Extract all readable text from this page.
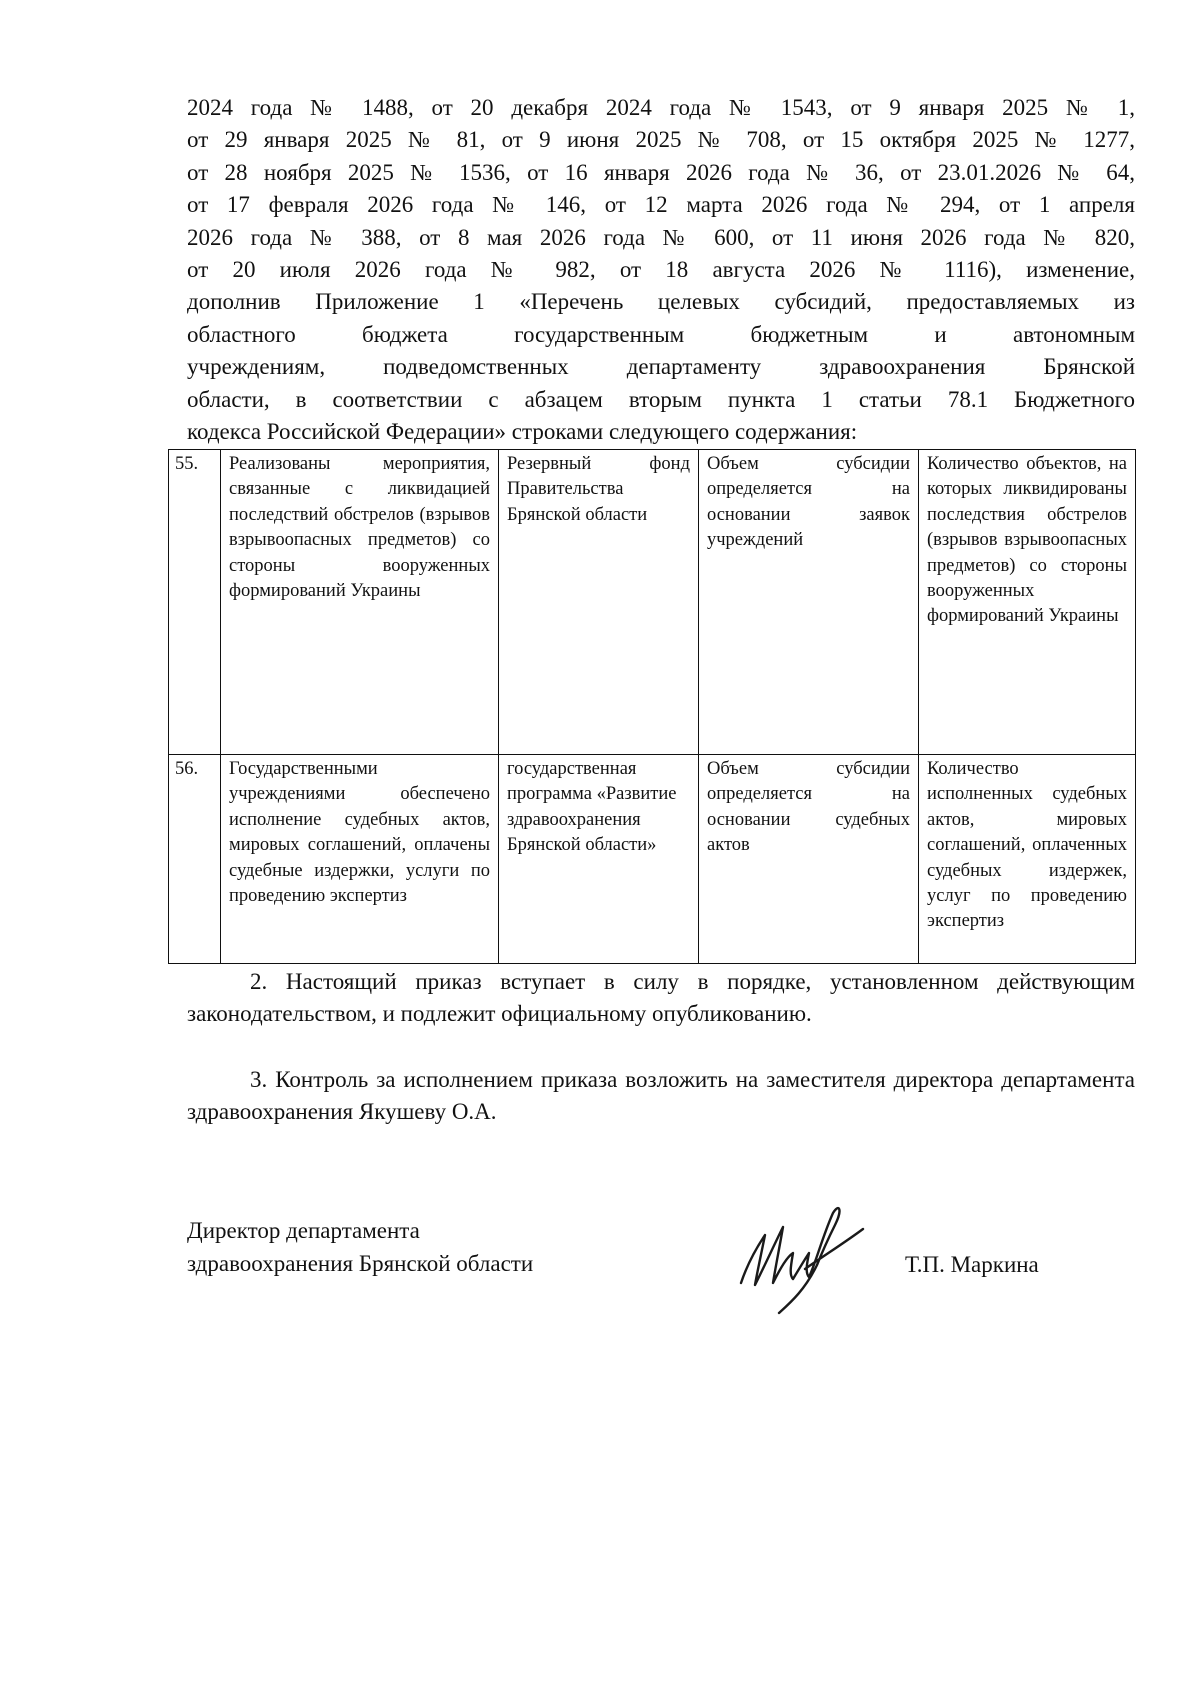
2024 года № 1488, от 20 декабря 2024 года № 1543, от 9 января 2025 № 1,
от 29 января 2025 № 81, от 9 июня 2025 № 708, от 15 октября 2025 № 1277,
от 28 ноября 2025 № 1536, от 16 января 2026 года № 36, от 23.01.2026 № 64,
от 17 февраля 2026 года № 146, от 12 марта 2026 года № 294, от 1 апреля
2026 года № 388, от 8 мая 2026 года № 600, от 11 июня 2026 года № 820,
от 20 июля 2026 года № 982, от 18 августа 2026 № 1116), изменение,
дополнив Приложение 1 «Перечень целевых субсидий, предоставляемых из
областного бюджета государственным бюджетным и автономным
учреждениям, подведомственных департаменту здравоохранения Брянской
области, в соответствии с абзацем вторым пункта 1 статьи 78.1 Бюджетного
кодекса Российской Федерации» строками следующего содержания:
55.	Реализованы мероприятия, связанные с ликвидацией последствий обстрелов (взрывов взрывоопасных предметов) со стороны вооруженных формирований Украины	Резервный фонд Правительства Брянской области	Объем субсидии определяется на основании заявок учреждений	Количество объектов, на которых ликвидированы последствия обстрелов (взрывов взрывоопасных предметов) со стороны вооруженных формирований Украины

56.	Государственными учреждениями обеспечено исполнение судебных актов, мировых соглашений, оплачены судебные издержки, услуги по проведению экспертиз	государственная программа «Развитие здравоохранения Брянской области»	Объем субсидии определяется на основании судебных актов	Количество исполненных судебных актов, мировых соглашений, оплаченных судебных издержек, услуг по проведению экспертиз
2. Настоящий приказ вступает в силу в порядке, установленном действующим законодательством, и подлежит официальному опубликованию.
3. Контроль за исполнением приказа возложить на заместителя директора департамента здравоохранения Якушеву О.А.
Директор департамента
здравоохранения Брянской области	Т.П. Маркина
